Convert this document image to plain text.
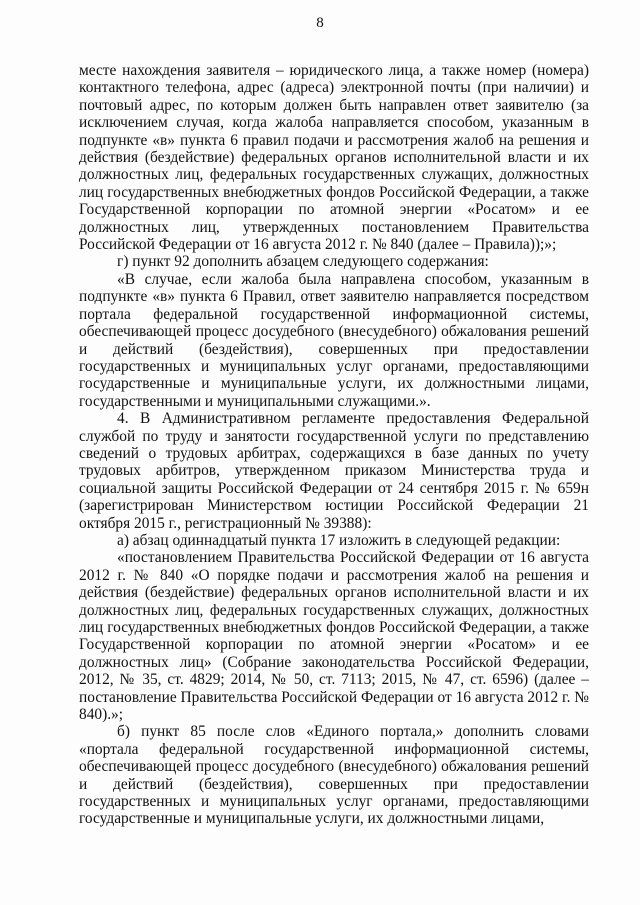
8

месте нахождения заявителя – юридического лица, а также номер (номера) контактного телефона, адрес (адреса) электронной почты (при наличии) и почтовый адрес, по которым должен быть направлен ответ заявителю (за исключением случая, когда жалоба направляется способом, указанным в подпункте «в» пункта 6 правил подачи и рассмотрения жалоб на решения и действия (бездействие) федеральных органов исполнительной власти и их должностных лиц, федеральных государственных служащих, должностных лиц государственных внебюджетных фондов Российской Федерации, а также Государственной корпорации по атомной энергии «Росатом» и ее должностных лиц, утвержденных постановлением Правительства Российской Федерации от 16 августа 2012 г. № 840 (далее – Правила));»;

г) пункт 92 дополнить абзацем следующего содержания:

«В случае, если жалоба была направлена способом, указанным в подпункте «в» пункта 6 Правил, ответ заявителю направляется посредством портала федеральной государственной информационной системы, обеспечивающей процесс досудебного (внесудебного) обжалования решений и действий (бездействия), совершенных при предоставлении государственных и муниципальных услуг органами, предоставляющими государственные и муниципальные услуги, их должностными лицами, государственными и муниципальными служащими.».

4. В Административном регламенте предоставления Федеральной службой по труду и занятости государственной услуги по представлению сведений о трудовых арбитрах, содержащихся в базе данных по учету трудовых арбитров, утвержденном приказом Министерства труда и социальной защиты Российской Федерации от 24 сентября 2015 г. № 659н (зарегистрирован Министерством юстиции Российской Федерации 21 октября 2015 г., регистрационный № 39388):

а) абзац одиннадцатый пункта 17 изложить в следующей редакции:

«постановлением Правительства Российской Федерации от 16 августа 2012 г. № 840 «О порядке подачи и рассмотрения жалоб на решения и действия (бездействие) федеральных органов исполнительной власти и их должностных лиц, федеральных государственных служащих, должностных лиц государственных внебюджетных фондов Российской Федерации, а также Государственной корпорации по атомной энергии «Росатом» и ее должностных лиц» (Собрание законодательства Российской Федерации, 2012, № 35, ст. 4829; 2014, № 50, ст. 7113; 2015, № 47, ст. 6596) (далее – постановление Правительства Российской Федерации от 16 августа 2012 г. № 840).»;

б) пункт 85 после слов «Единого портала,» дополнить словами «портала федеральной государственной информационной системы, обеспечивающей процесс досудебного (внесудебного) обжалования решений и действий (бездействия), совершенных при предоставлении государственных и муниципальных услуг органами, предоставляющими государственные и муниципальные услуги, их должностными лицами,
